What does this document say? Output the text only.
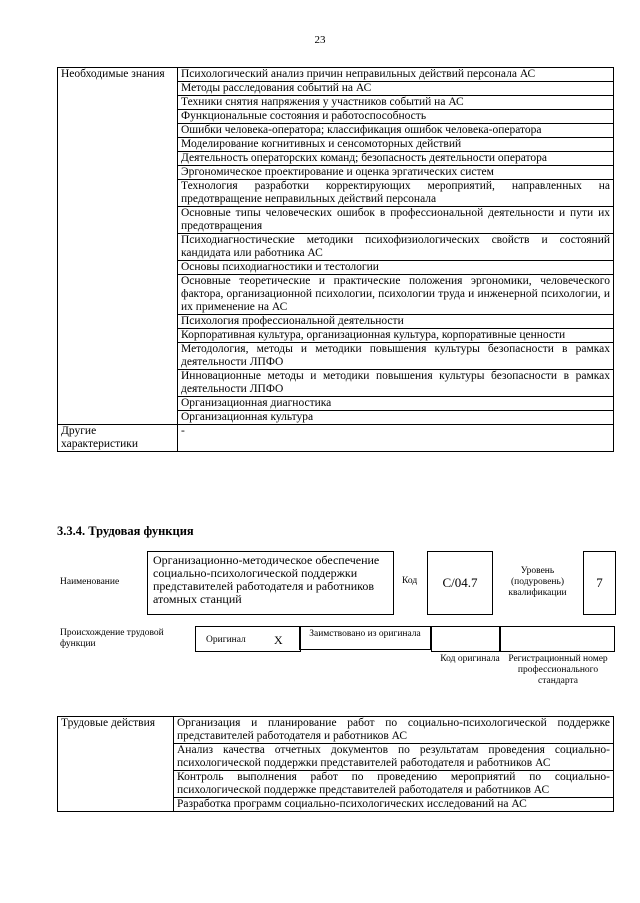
23
Необходимые знания	Психологический анализ причин неправильных действий персонала АС
	Методы расследования событий на АС
	Техники снятия напряжения у участников событий на АС
	Функциональные состояния и работоспособность
	Ошибки человека-оператора; классификация ошибок человека-оператора
	Моделирование когнитивных и сенсомоторных действий
	Деятельность операторских команд; безопасность деятельности оператора
	Эргономическое проектирование и оценка эргатических систем
	Технология разработки корректирующих мероприятий, направленных на предотвращение неправильных действий персонала
	Основные типы человеческих ошибок в профессиональной деятельности и пути их предотвращения
	Психодиагностические методики психофизиологических свойств и состояний кандидата или работника АС
	Основы психодиагностики и тестологии
	Основные теоретические и практические положения эргономики, человеческого фактора, организационной психологии, психологии труда и инженерной психологии, и их применение на АС
	Психология профессиональной деятельности
	Корпоративная культура, организационная культура, корпоративные ценности
	Методология, методы и методики повышения культуры безопасности в рамках деятельности ЛПФО
	Инновационные методы и методики повышения культуры безопасности в рамках деятельности ЛПФО
	Организационная диагностика
	Организационная культура
Другие характеристики	-
3.3.4. Трудовая функция
Наименование
Организационно-методическое обеспечение социально-психологической поддержки представителей работодателя и работников атомных станций
Код	C/04.7
Уровень (подуровень) квалификации
7
Происхождение трудовой функции	Оригинал X	Заимствовано из оригинала
Код оригинала Регистрационный номер профессионального стандарта
Трудовые действия	Организация и планирование работ по социально-психологической поддержке представителей работодателя и работников АС
Анализ качества отчетных документов по результатам проведения социально-психологической поддержки представителей работодателя и работников АС
Контроль выполнения работ по проведению мероприятий по социально-психологической поддержке представителей работодателя и работников АС
Разработка программ социально-психологических исследований на АС
